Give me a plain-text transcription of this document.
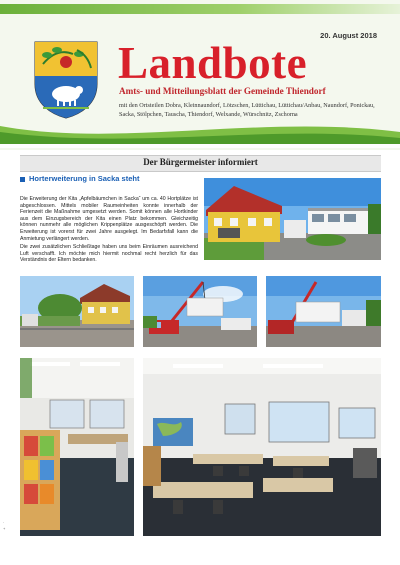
20. August 2018
Landbote
Amts- und Mitteilungsblatt der Gemeinde Thiendorf
mit den Ortsteilen Dobra, Kleinnaundorf, Lötzschen, Lüttichau, Lüttichau/Anbau, Naundorf, Ponickau, Sacka, Stölpchen, Tauscha, Thiendorf, Welxande, Würschnitz, Zschorna
Der Bürgermeister informiert
Horterweiterung in Sacka steht
Die Erweiterung der Kita „Apfelbäumchen in Sacka“ um ca. 40 Hortplätze ist abgeschlossen. Mittels mobiler Raumeinheiten konnte innerhalb der Ferienzeit die Maßnahme umgesetzt werden. Somit können alle Hortkinder aus dem Einzugsbereich der Kita einen Platz bekommen. Gleichzeitig können nunmehr alle möglichen Krippenplätze ausgeschöpft werden. Die Erweiterung ist vorerst für zwei Jahre ausgelegt. Im Bedarfsfall kann die Anmietung verlängert werden.
Die zwei zusätzlichen Schließtage haben uns beim Einräumen ausreichend Luft verschafft. Ich möchte mich hiermit nochmal recht herzlich für das Verständnis der Eltern bedanken.
·
+
